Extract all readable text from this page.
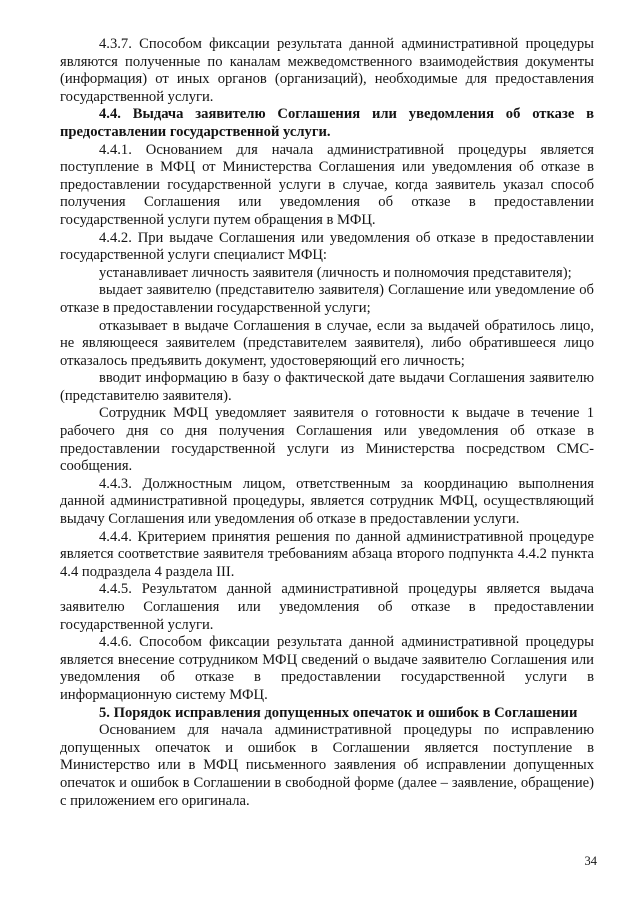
4.3.7. Способом фиксации результата данной административной процедуры являются полученные по каналам межведомственного взаимодействия документы (информация) от иных органов (организаций), необходимые для предоставления государственной услуги.

4.4. Выдача заявителю Соглашения или уведомления об отказе в предоставлении государственной услуги.

4.4.1. Основанием для начала административной процедуры является поступление в МФЦ от Министерства Соглашения или уведомления об отказе в предоставлении государственной услуги в случае, когда заявитель указал способ получения Соглашения или уведомления об отказе в предоставлении государственной услуги путем обращения в МФЦ.

4.4.2. При выдаче Соглашения или уведомления об отказе в предоставлении государственной услуги специалист МФЦ:

устанавливает личность заявителя (личность и полномочия представителя);

выдает заявителю (представителю заявителя) Соглашение или уведомление об отказе в предоставлении государственной услуги;

отказывает в выдаче Соглашения в случае, если за выдачей обратилось лицо, не являющееся заявителем (представителем заявителя), либо обратившееся лицо отказалось предъявить документ, удостоверяющий его личность;

вводит информацию в базу о фактической дате выдачи Соглашения заявителю (представителю заявителя).

Сотрудник МФЦ уведомляет заявителя о готовности к выдаче в течение 1 рабочего дня со дня получения Соглашения или уведомления об отказе в предоставлении государственной услуги из Министерства посредством СМС-сообщения.

4.4.3. Должностным лицом, ответственным за координацию выполнения данной административной процедуры, является сотрудник МФЦ, осуществляющий выдачу Соглашения или уведомления об отказе в предоставлении услуги.

4.4.4. Критерием принятия решения по данной административной процедуре является соответствие заявителя требованиям абзаца второго подпункта 4.4.2 пункта 4.4 подраздела 4 раздела III.

4.4.5. Результатом данной административной процедуры является выдача заявителю Соглашения или уведомления об отказе в предоставлении государственной услуги.

4.4.6. Способом фиксации результата данной административной процедуры является внесение сотрудником МФЦ сведений о выдаче заявителю Соглашения или уведомления об отказе в предоставлении государственной услуги в информационную систему МФЦ.

5. Порядок исправления допущенных опечаток и ошибок в Соглашении

Основанием для начала административной процедуры по исправлению допущенных опечаток и ошибок в Соглашении является поступление в Министерство или в МФЦ письменного заявления об исправлении допущенных опечаток и ошибок в Соглашении в свободной форме (далее – заявление, обращение) с приложением его оригинала.

34
